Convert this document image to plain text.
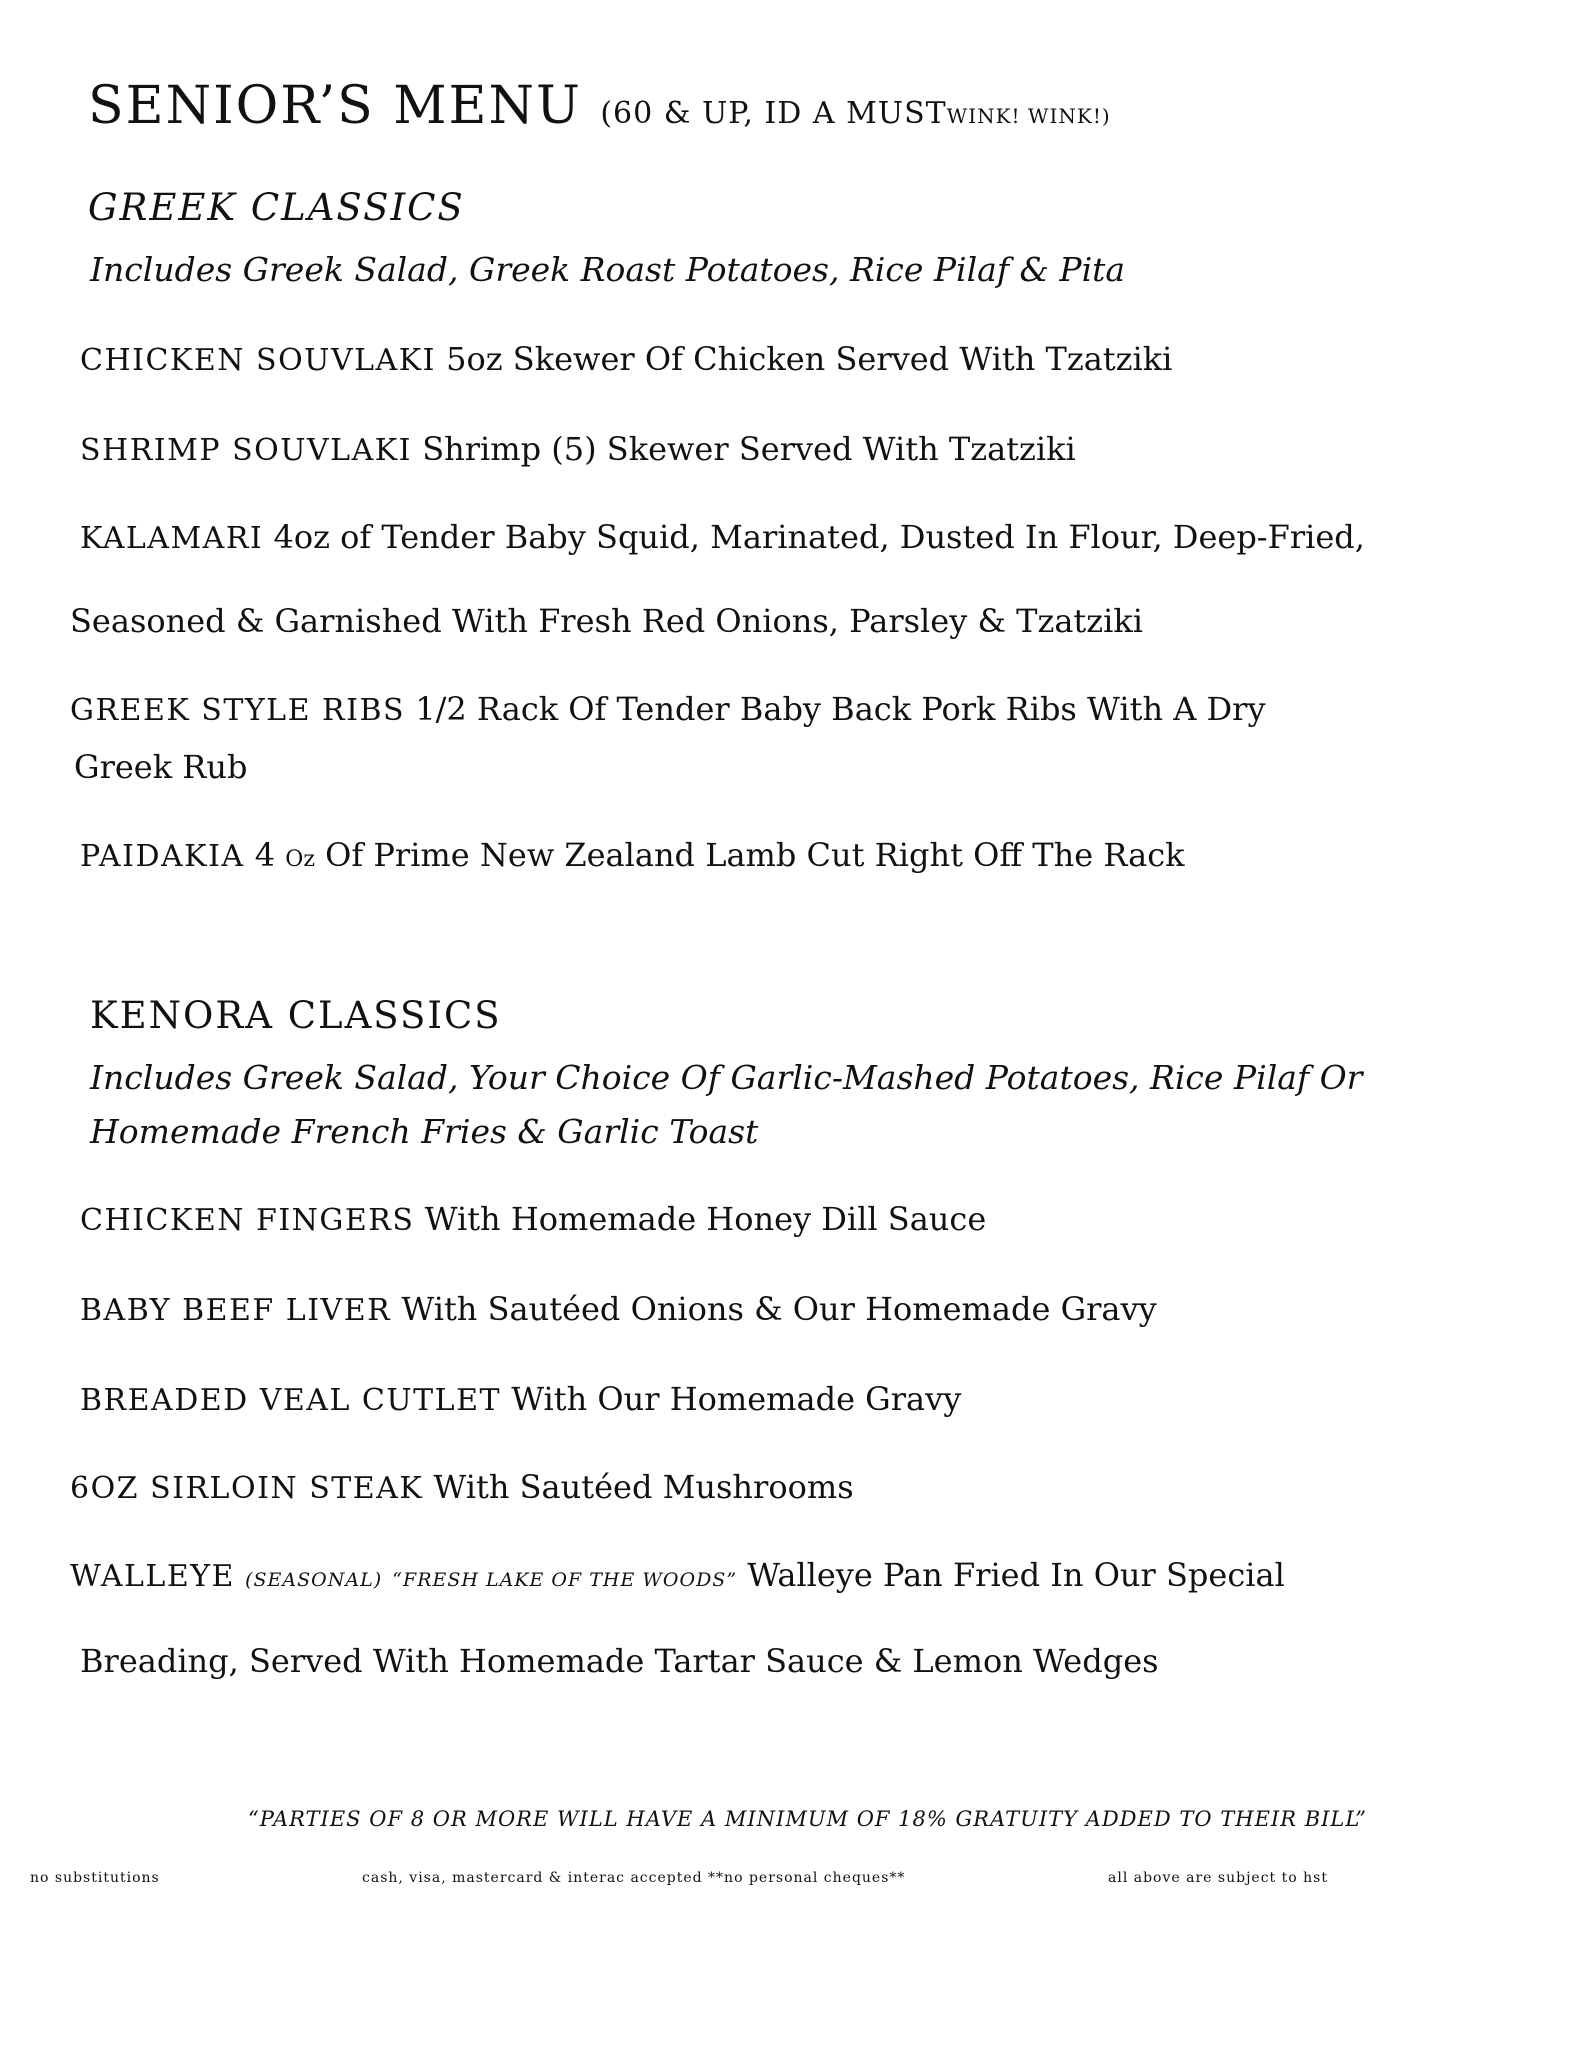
SENIOR’S MENU (60 & UP, ID A MUSTWINK! WINK!)
GREEK CLASSICS
Includes Greek Salad, Greek Roast Potatoes, Rice Pilaf & Pita
CHICKEN SOUVLAKI 5oz Skewer Of Chicken Served With Tzatziki
SHRIMP SOUVLAKI Shrimp (5) Skewer Served With Tzatziki
KALAMARI 4oz of Tender Baby Squid, Marinated, Dusted In Flour, Deep-Fried,
Seasoned & Garnished With Fresh Red Onions, Parsley & Tzatziki
GREEK STYLE RIBS 1/2 Rack Of Tender Baby Back Pork Ribs With A Dry
Greek Rub
PAIDAKIA 4 Oz Of Prime New Zealand Lamb Cut Right Off The Rack
KENORA CLASSICS
Includes Greek Salad, Your Choice Of Garlic-Mashed Potatoes, Rice Pilaf Or
Homemade French Fries & Garlic Toast
CHICKEN FINGERS With Homemade Honey Dill Sauce
BABY BEEF LIVER With Sautéed Onions & Our Homemade Gravy
BREADED VEAL CUTLET With Our Homemade Gravy
6OZ SIRLOIN STEAK With Sautéed Mushrooms
WALLEYE (SEASONAL) “FRESH LAKE OF THE WOODS” Walleye Pan Fried In Our Special
Breading, Served With Homemade Tartar Sauce & Lemon Wedges
“PARTIES OF 8 OR MORE WILL HAVE A MINIMUM OF 18% GRATUITY ADDED TO THEIR BILL”
no substitutions	cash, visa, mastercard & interac accepted **no personal cheques**	all above are subject to hst
